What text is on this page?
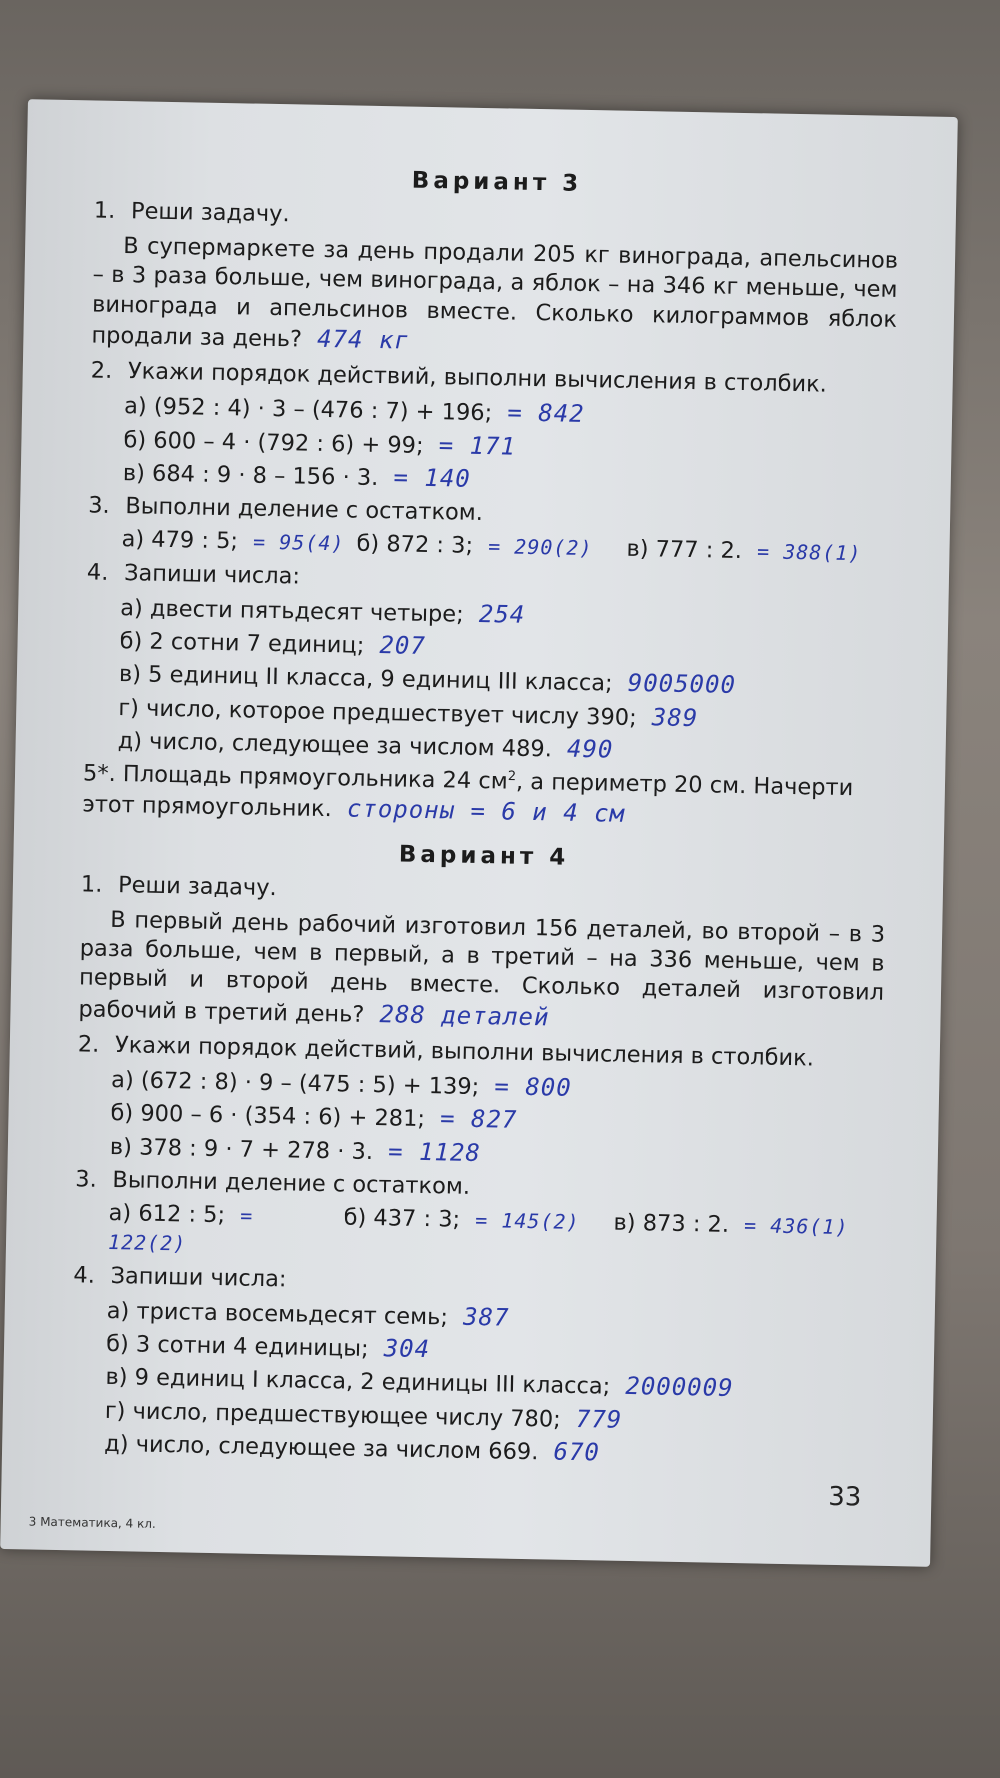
Вариант 3
1. Реши задачу.
В супермаркете за день продали 205 кг винограда, апельсинов – в 3 раза больше, чем винограда, а яблок – на 346 кг меньше, чем винограда и апельсинов вместе. Сколько килограммов яблок продали за день? 474 кг
2. Укажи порядок действий, выполни вычисления в столбик.
а) (952 : 4) · 3 – (476 : 7) + 196; = 842
б) 600 – 4 · (792 : 6) + 99; = 171
в) 684 : 9 · 8 – 156 · 3. = 140
3. Выполни деление с остатком.
а) 479 : 5; = 95(4) б) 872 : 3; = 290(2)	в) 777 : 2. = 388(1)
4. Запиши числа:
а) двести пятьдесят четыре; 254
б) 2 сотни 7 единиц; 207
в) 5 единиц II класса, 9 единиц III класса; 9005000
г) число, которое предшествует числу 390; 389
д) число, следующее за числом 489. 490
5*. Площадь прямоугольника 24 $см^2$, а периметр 20 см. Начерти этот прямоугольник. стороны = 6 и 4 см
Вариант 4
1. Реши задачу.
В первый день рабочий изготовил 156 деталей, во второй – в 3 раза больше, чем в первый, а в третий – на 336 меньше, чем в первый и второй день вместе. Сколько деталей изготовил рабочий в третий день? 288 деталей
2. Укажи порядок действий, выполни вычисления в столбик.
а) (672 : 8) · 9 – (475 : 5) + 139; = 800
б) 900 – 6 · (354 : 6) + 281; = 827
в) 378 : 9 · 7 + 278 · 3. = 1128
3. Выполни деление с остатком.
а) 612 : 5; = 122(2)
б) 437 : 3; = 145(2)	в) 873 : 2. = 436(1)
4. Запиши числа:
а) триста восемьдесят семь; 387
б) 3 сотни 4 единицы; 304
в) 9 единиц I класса, 2 единицы III класса; 2000009
г) число, предшествующее числу 780; 779
д) число, следующее за числом 669. 670
33
3 Математика, 4 кл.
